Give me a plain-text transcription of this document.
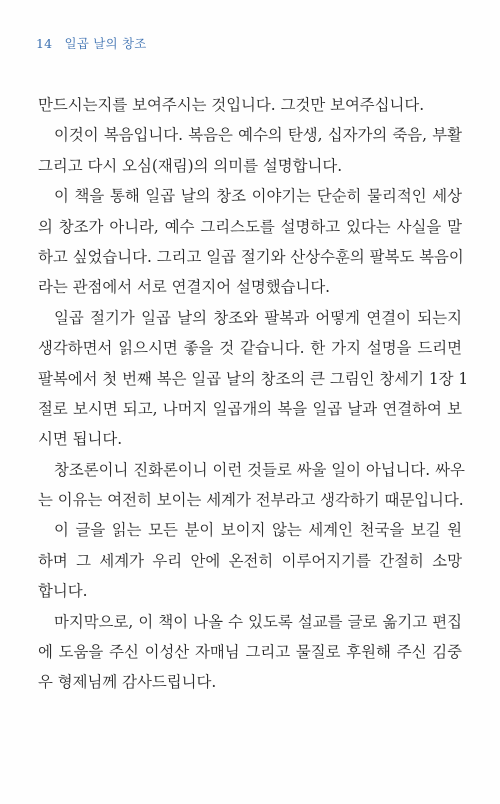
14 일곱 날의 창조
만드시는지를 보여주시는 것입니다. 그것만 보여주십니다.
이것이 복음입니다. 복음은 예수의 탄생, 십자가의 죽음, 부활
그리고 다시 오심(재림)의 의미를 설명합니다.
이 책을 통해 일곱 날의 창조 이야기는 단순히 물리적인 세상
의 창조가 아니라, 예수 그리스도를 설명하고 있다는 사실을 말
하고 싶었습니다. 그리고 일곱 절기와 산상수훈의 팔복도 복음이
라는 관점에서 서로 연결지어 설명했습니다.
일곱 절기가 일곱 날의 창조와 팔복과 어떻게 연결이 되는지
생각하면서 읽으시면 좋을 것 같습니다. 한 가지 설명을 드리면
팔복에서 첫 번째 복은 일곱 날의 창조의 큰 그림인 창세기 1장 1
절로 보시면 되고, 나머지 일곱개의 복을 일곱 날과 연결하여 보
시면 됩니다.
창조론이니 진화론이니 이런 것들로 싸울 일이 아닙니다. 싸우
는 이유는 여전히 보이는 세계가 전부라고 생각하기 때문입니다.
이 글을 읽는 모든 분이 보이지 않는 세계인 천국을 보길 원
하며 그 세계가 우리 안에 온전히 이루어지기를 간절히 소망
합니다.
마지막으로, 이 책이 나올 수 있도록 설교를 글로 옮기고 편집
에 도움을 주신 이성산 자매님 그리고 물질로 후원해 주신 김중
우 형제님께 감사드립니다.
